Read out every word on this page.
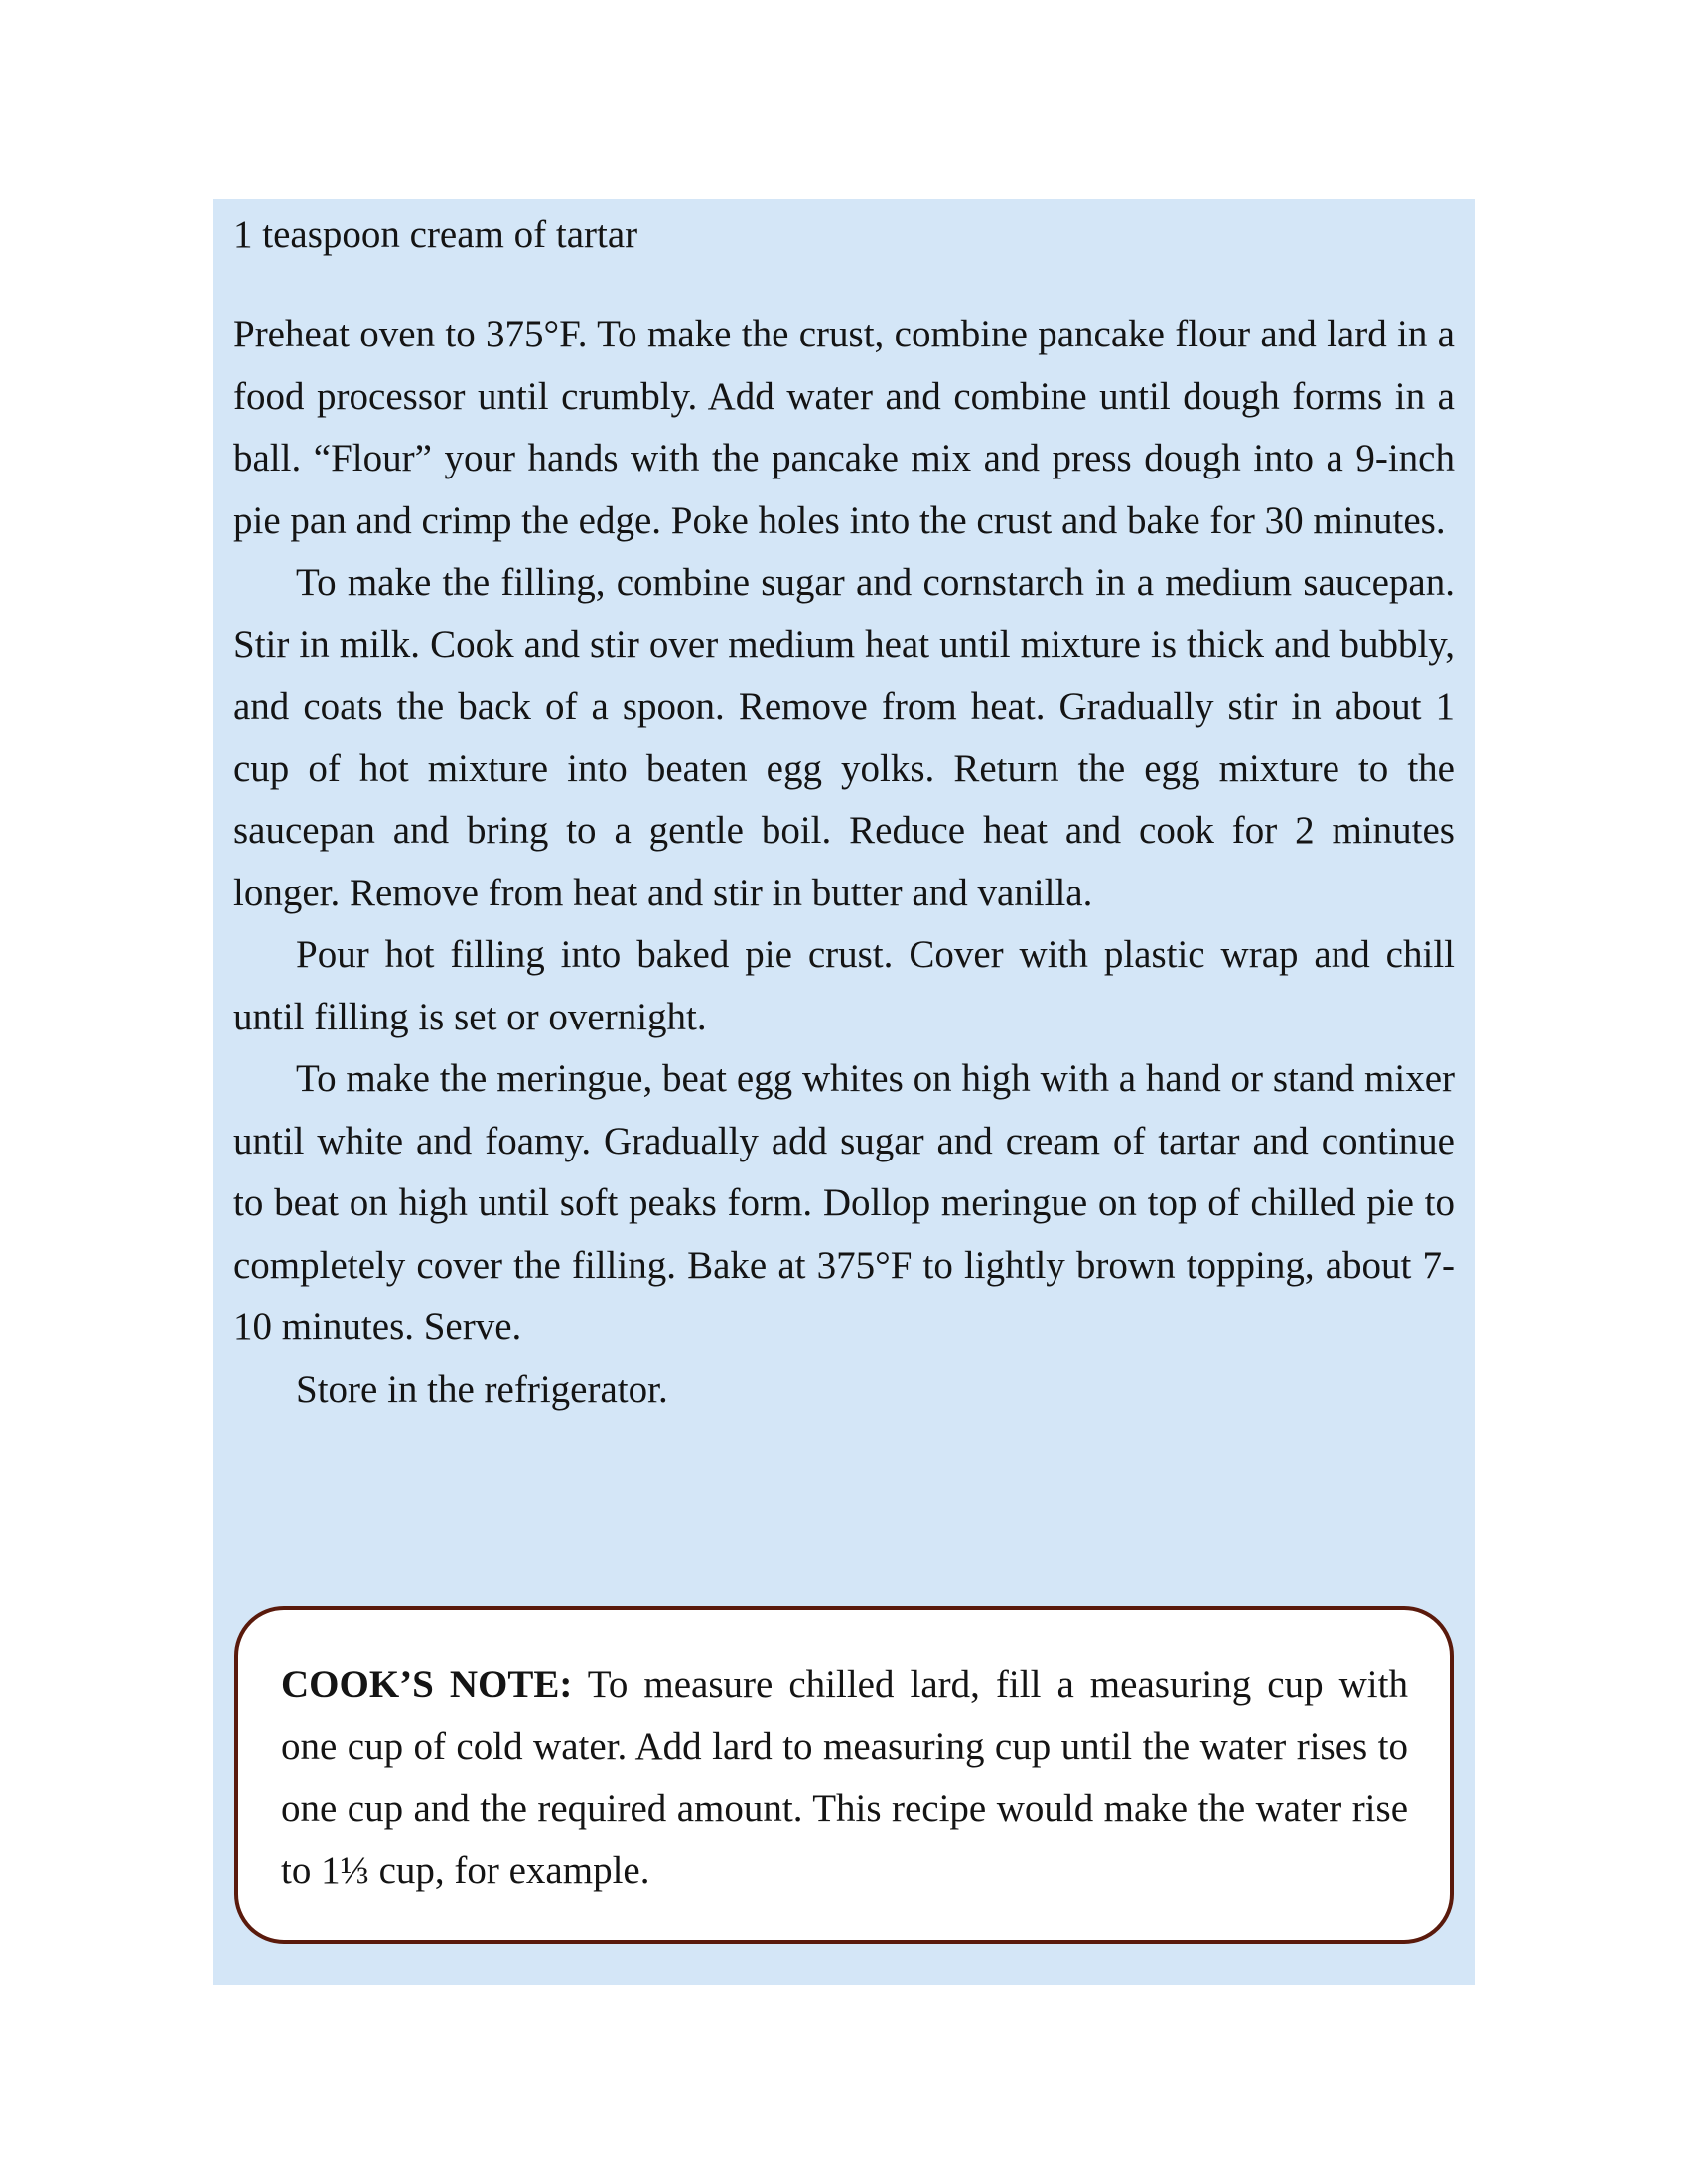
1 teaspoon cream of tartar

Preheat oven to 375°F. To make the crust, combine pancake flour and lard in a food processor until crumbly. Add water and combine until dough forms in a ball. “Flour” your hands with the pancake mix and press dough into a 9-inch pie pan and crimp the edge. Poke holes into the crust and bake for 30 minutes.

To make the filling, combine sugar and cornstarch in a medium saucepan. Stir in milk. Cook and stir over medium heat until mixture is thick and bubbly, and coats the back of a spoon. Remove from heat. Gradually stir in about 1 cup of hot mixture into beaten egg yolks. Return the egg mixture to the saucepan and bring to a gentle boil. Reduce heat and cook for 2 minutes longer. Remove from heat and stir in butter and vanilla.

Pour hot filling into baked pie crust. Cover with plastic wrap and chill until filling is set or overnight.

To make the meringue, beat egg whites on high with a hand or stand mixer until white and foamy. Gradually add sugar and cream of tartar and continue to beat on high until soft peaks form. Dollop meringue on top of chilled pie to completely cover the filling. Bake at 375°F to lightly brown topping, about 7-10 minutes. Serve.

Store in the refrigerator.

COOK’S NOTE: To measure chilled lard, fill a measuring cup with one cup of cold water. Add lard to measuring cup until the water rises to one cup and the required amount. This recipe would make the water rise to 1⅓ cup, for example.
